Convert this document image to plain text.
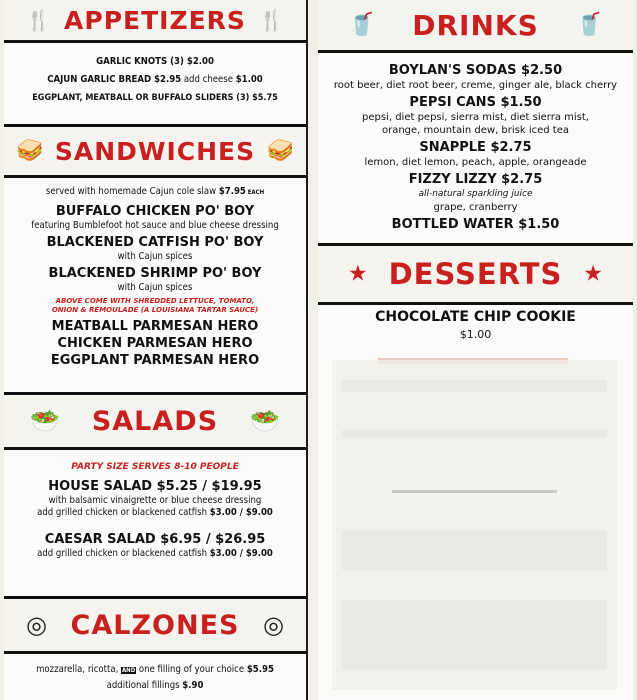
🍴 APPETIZERS 🍴
GARLIC KNOTS (3) $2.00
CAJUN GARLIC BREAD $2.95 add cheese $1.00
EGGPLANT, MEATBALL OR BUFFALO SLIDERS (3) $5.75
🥪 SANDWICHES 🥪
served with homemade Cajun cole slaw $7.95 EACH
BUFFALO CHICKEN PO' BOY
featuring Bumblefoot hot sauce and blue cheese dressing
BLACKENED CATFISH PO' BOY
with Cajun spices
BLACKENED SHRIMP PO' BOY
with Cajun spices
ABOVE COME WITH SHREDDED LETTUCE, TOMATO,
ONION & REMOULADE (A LOUISIANA TARTAR SAUCE)
MEATBALL PARMESAN HERO
CHICKEN PARMESAN HERO
EGGPLANT PARMESAN HERO
🥗 SALADS 🥗
PARTY SIZE SERVES 8-10 PEOPLE
HOUSE SALAD $5.25 / $19.95
with balsamic vinaigrette or blue cheese dressing
add grilled chicken or blackened catfish $3.00 / $9.00
CAESAR SALAD $6.95 / $26.95
add grilled chicken or blackened catfish $3.00 / $9.00
◎ CALZONES ◎
mozzarella, ricotta, AND one filling of your choice $5.95
additional fillings $.90
🥤 DRINKS 🥤
BOYLAN'S SODAS $2.50
root beer, diet root beer, creme, ginger ale, black cherry
PEPSI CANS $1.50
pepsi, diet pepsi, sierra mist, diet sierra mist,
orange, mountain dew, brisk iced tea
SNAPPLE $2.75
lemon, diet lemon, peach, apple, orangeade
FIZZY LIZZY $2.75
all-natural sparkling juice
grape, cranberry
BOTTLED WATER $1.50
★ DESSERTS ★
CHOCOLATE CHIP COOKIE
$1.00
